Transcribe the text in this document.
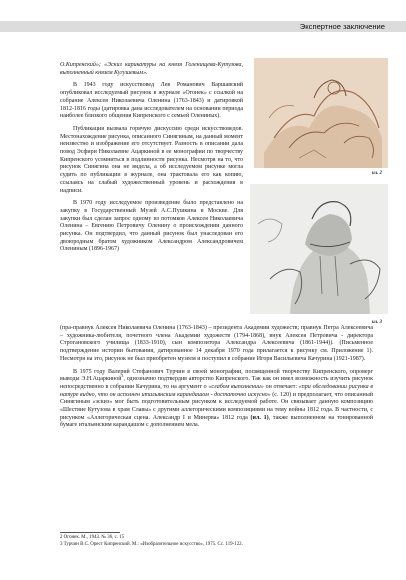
Экспертное заключение

О.Кипренский»; «Эскиз карикатуры на князя Голенищева-Кутузова, выполненный князем Кугушевым».

В 1943 году искусствовед Лев Романович Варшавский опубликовал исследуемый рисунок в журнале «Огонек» с ссылкой на собрание Алексея Николаевича Оленина (1763-1843) и датировкой 1812-1816 годы (датировка дана исследователем на основании периода наиболее близкого общения Кипренского с семьей Олениных).

Публикация вызвала горячую дискуссию среди искусствоведов. Местонахождение рисунка, описанного Синягиным, на данный момент неизвестно и изображение его отсутствует. Разность в описании дала повод Эсфири Николаевне Ацаркиной в ее монографии по творчеству Кипренского усомниться в подлинности рисунка. Несмотря на то, что рисунок Синягина она не видела, а об исследуемом рисунке могла судить по публикации в журнале, она трактовала его как копию, ссылаясь на слабый художественный уровень и расхождения в надписи.

В 1970 году исследуемое произведение было представлено на закупку в Государственный Музей А.С.Пушкина в Москве. Для закупки был сделан запрос одному из потомков Алексея Николаевича Оленина – Евгению Петровичу Оленину о происхождении данного рисунка. Он подтвердил, что данный рисунок был унаследован его двоюродным братом художником Александром Александровичем Олениным (1896-1967)

ил. 2
ил. 3

(пра-правнук Алексея Николаевича Оленина (1763-1843) – президента Академии художеств; правнук Петра Алексеевича – художника-любителя, почетного члена Академии художеств (1794-1868), внук Алексея Петровича - директора Строгановского училища (1833-1910), сын композитора Александра Алексеевича (1861-1944)). (Письменное подтверждение истории бытования, датированное 14 декабря 1970 года прилагается к рисунку см. Приложение 1). Несмотря на это, рисунок не был приобретен музеем и поступил в собрание Игоря Васильевича Качурина (1921-1987).

В 1975 году Валерий Стефанович Турчин в своей монографии, посвященной творчеству Кипренского, опроверг выводы Э.Н.Ацаркиной$^3$, однозначно подтвердив авторство Кипренского. Так как он имел возможность изучить рисунок непосредственно в собрании Качурина, то на аргумент о «слабом выполнении» он отвечает: «при обследовании рисунка в натуре видно, что он исполнен итальянским карандашом - достаточно искусно» (с. 120) и предполагает, что описанный Синягиным «эскиз» мог быть подготовительным рисунком к исследуемой работе. Он связывает данную композицию «Шествие Кутузова в храм Славы» с другими аллегорическими композициями на тему войны 1812 года. В частности, с рисунком «Аллегорическая сцена. Александр I и Минерва» 1812 года (ил. 1), также выполненном на тонированной бумаге итальянским карандашом с дополнением мела.

2 Огонек. М., 1943. № 36, с. 15
3 Турчин В.С. Орест Кипренский. М.: «Изобразительное искусство», 1975. Сс. 119-122.
